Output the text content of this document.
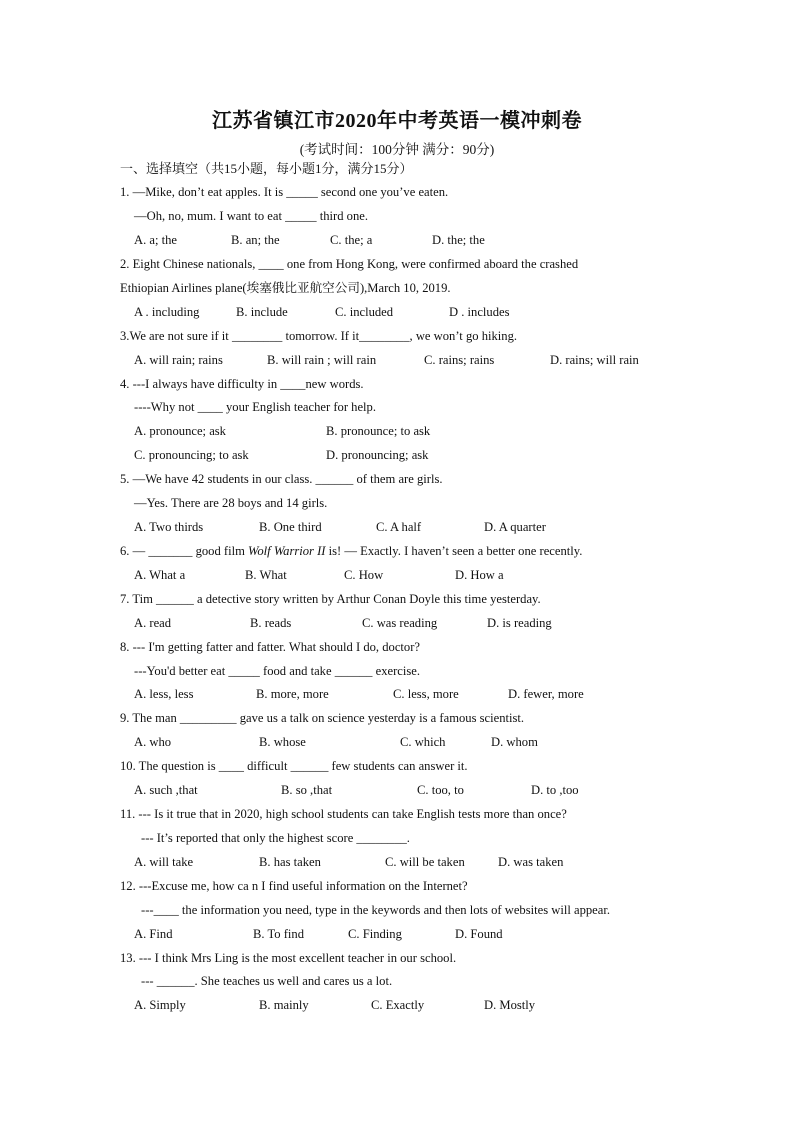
江苏省镇江市2020年中考英语一模冲刺卷
(考试时间：100分钟 满分：90分)
一、选择填空（共15小题，每小题1分，满分15分）
1. —Mike, don’t eat apples. It is _____ second one you’ve eaten.
—Oh, no, mum. I want to eat _____ third one.
A. a; the	B. an; the	C. the; a	D. the; the
2. Eight Chinese nationals, ____ one from Hong Kong, were confirmed aboard the crashed
Ethiopian Airlines plane(埃塞俄比亚航空公司),March 10, 2019.
A . including	B. include	C. included	D . includes
3.We are not sure if it ________ tomorrow. If it________, we won’t go hiking.
A. will rain; rains	B. will rain ; will rain	C. rains; rains	D. rains; will rain
4. ---I always have difficulty in ____new words.
----Why not ____ your English teacher for help.
A. pronounce; ask	B. pronounce; to ask
C. pronouncing; to ask	D. pronouncing; ask
5. —We have 42 students in our class. ______ of them are girls.
—Yes. There are 28 boys and 14 girls.
A. Two thirds	B. One third	C. A half	D. A quarter
6. — _______ good film Wolf Warrior II is! — Exactly. I haven’t seen a better one recently.
A. What a	B. What	C. How	D. How a
7. Tim ______ a detective story written by Arthur Conan Doyle this time yesterday.
A. read	B. reads	C. was reading	D. is reading
8. --- I'm getting fatter and fatter. What should I do, doctor?
---You'd better eat _____ food and take ______ exercise.
A. less, less	B. more, more	C. less, more	D. fewer, more
9. The man _________ gave us a talk on science yesterday is a famous scientist.
A. who	B. whose	C. which	D. whom
10. The question is ____ difficult ______ few students can answer it.
A. such ,that	B. so ,that	C. too, to	D. to ,too
11. --- Is it true that in 2020, high school students can take English tests more than once?
--- It’s reported that only the highest score ________.
A. will take	B. has taken	C. will be taken	D. was taken
12. ---Excuse me, how ca n I find useful information on the Internet?
---____ the information you need, type in the keywords and then lots of websites will appear.
A. Find	B. To find	C. Finding	D. Found
13. --- I think Mrs Ling is the most excellent teacher in our school.
--- ______. She teaches us well and cares us a lot.
A. Simply	B. mainly	C. Exactly	D. Mostly
